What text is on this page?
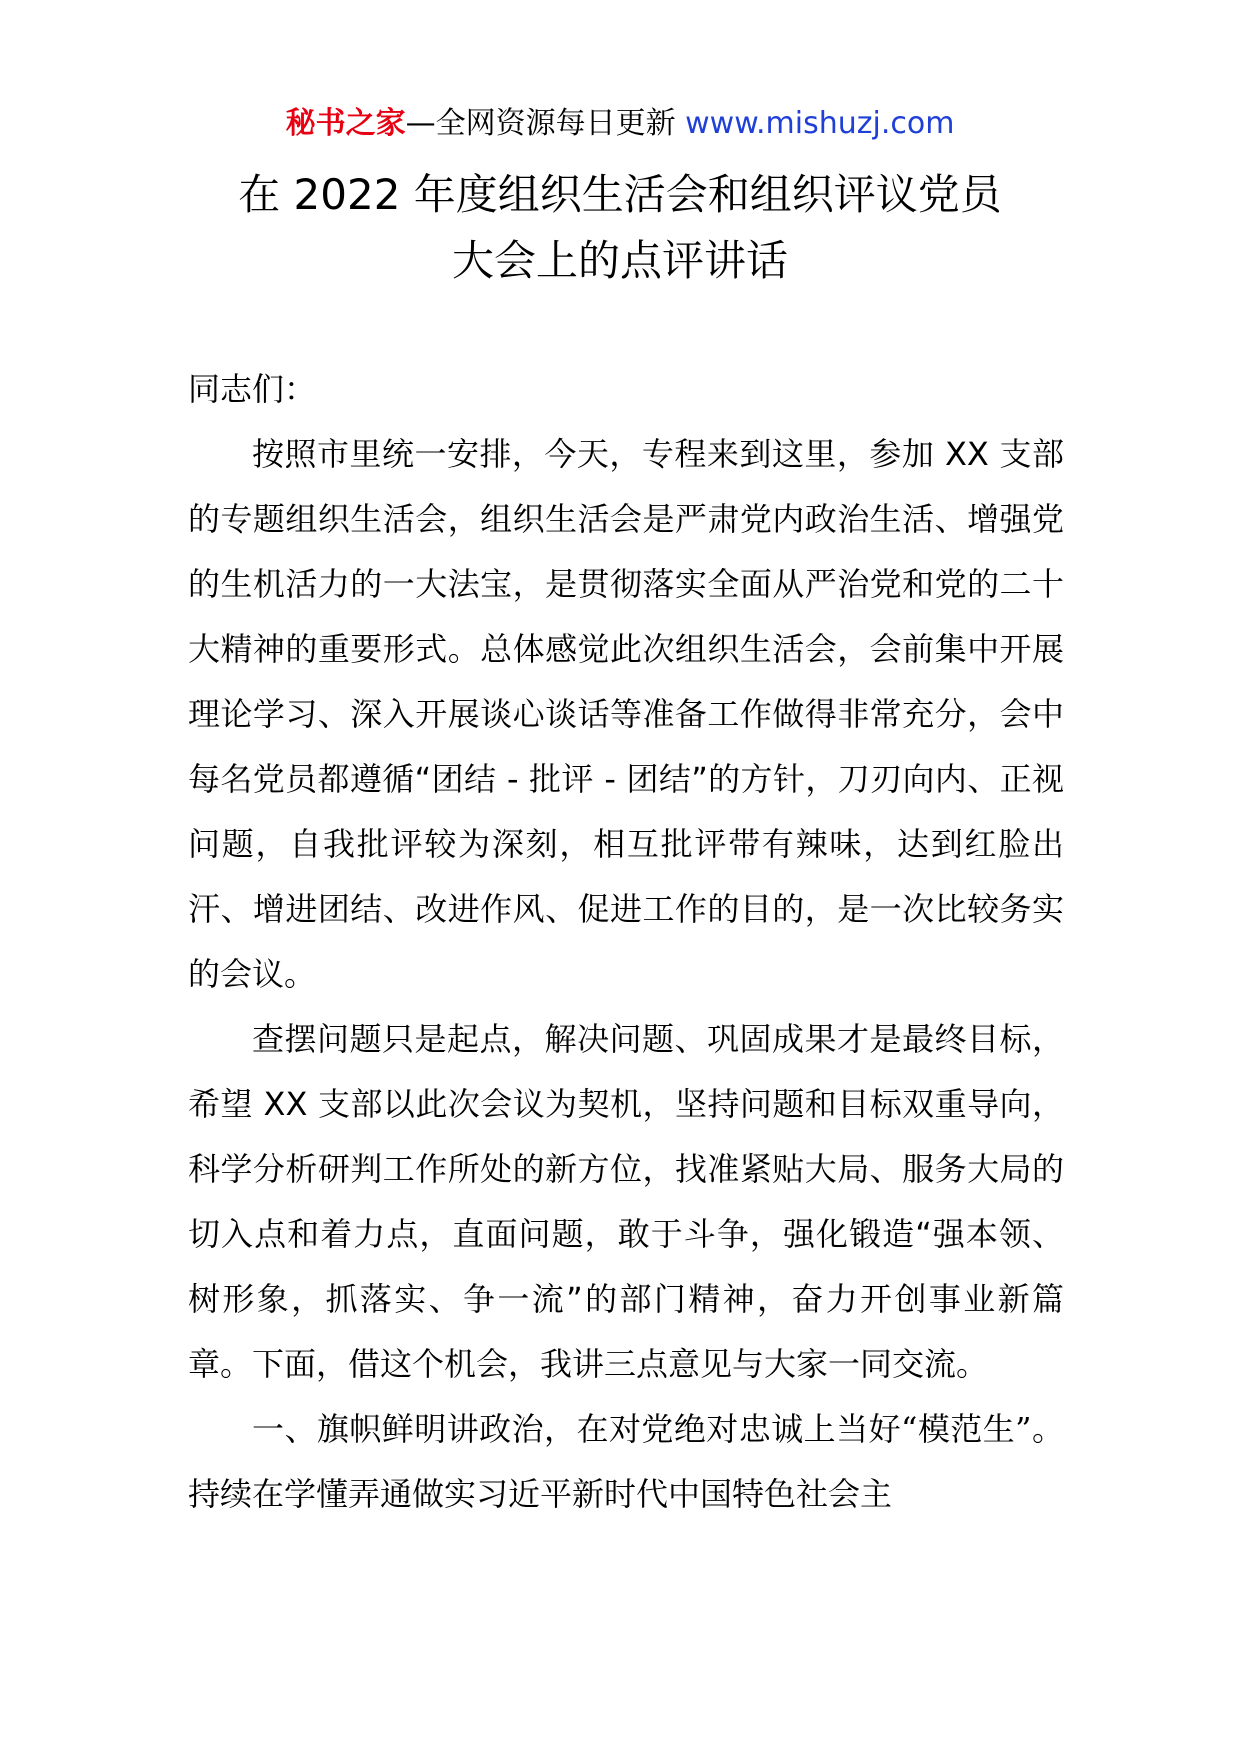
秘书之家—全网资源每日更新 www.mishuzj.com
在 2022 年度组织生活会和组织评议党员
大会上的点评讲话

同志们：

按照市里统一安排，今天，专程来到这里，参加 XX 支部的专题组织生活会，组织生活会是严肃党内政治生活、增强党的生机活力的一大法宝，是贯彻落实全面从严治党和党的二十大精神的重要形式。总体感觉此次组织生活会，会前集中开展理论学习、深入开展谈心谈话等准备工作做得非常充分，会中每名党员都遵循“团结 - 批评 - 团结”的方针，刀刃向内、正视问题，自我批评较为深刻，相互批评带有辣味，达到红脸出汗、增进团结、改进作风、促进工作的目的，是一次比较务实的会议。

查摆问题只是起点，解决问题、巩固成果才是最终目标，希望 XX 支部以此次会议为契机，坚持问题和目标双重导向，科学分析研判工作所处的新方位，找准紧贴大局、服务大局的切入点和着力点，直面问题，敢于斗争，强化锻造“强本领、树形象，抓落实、争一流”的部门精神，奋力开创事业新篇章。下面，借这个机会，我讲三点意见与大家一同交流。

一、旗帜鲜明讲政治，在对党绝对忠诚上当好“模范生”。持续在学懂弄通做实习近平新时代中国特色社会主
